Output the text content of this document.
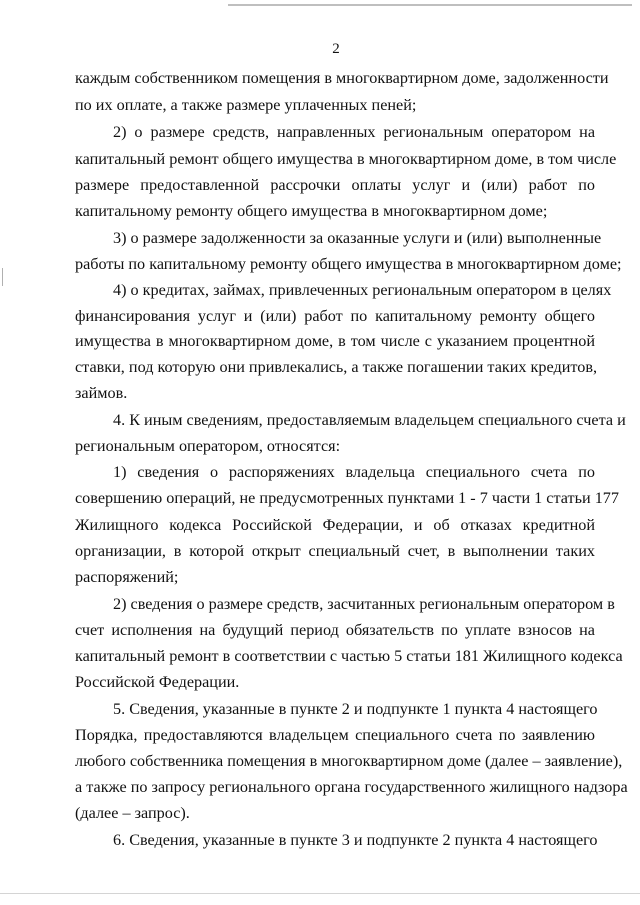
2
каждым собственником помещения в многоквартирном доме, задолженности
по их оплате, а также размере уплаченных пеней;
2) о размере средств, направленных региональным оператором на
капитальный ремонт общего имущества в многоквартирном доме, в том числе
размере предоставленной рассрочки оплаты услуг и (или) работ по
капитальному ремонту общего имущества в многоквартирном доме;
3) о размере задолженности за оказанные услуги и (или) выполненные
работы по капитальному ремонту общего имущества в многоквартирном доме;
4) о кредитах, займах, привлеченных региональным оператором в целях
финансирования услуг и (или) работ по капитальному ремонту общего
имущества в многоквартирном доме, в том числе с указанием процентной
ставки, под которую они привлекались, а также погашении таких кредитов,
займов.
4. К иным сведениям, предоставляемым владельцем специального счета и
региональным оператором, относятся:
1) сведения о распоряжениях владельца специального счета по
совершению операций, не предусмотренных пунктами 1 - 7 части 1 статьи 177
Жилищного кодекса Российской Федерации, и об отказах кредитной
организации, в которой открыт специальный счет, в выполнении таких
распоряжений;
2) сведения о размере средств, засчитанных региональным оператором в
счет исполнения на будущий период обязательств по уплате взносов на
капитальный ремонт в соответствии с частью 5 статьи 181 Жилищного кодекса
Российской Федерации.
5. Сведения, указанные в пункте 2 и подпункте 1 пункта 4 настоящего
Порядка, предоставляются владельцем специального счета по заявлению
любого собственника помещения в многоквартирном доме (далее – заявление),
а также по запросу регионального органа государственного жилищного надзора
(далее – запрос).
6. Сведения, указанные в пункте 3 и подпункте 2 пункта 4 настоящего
